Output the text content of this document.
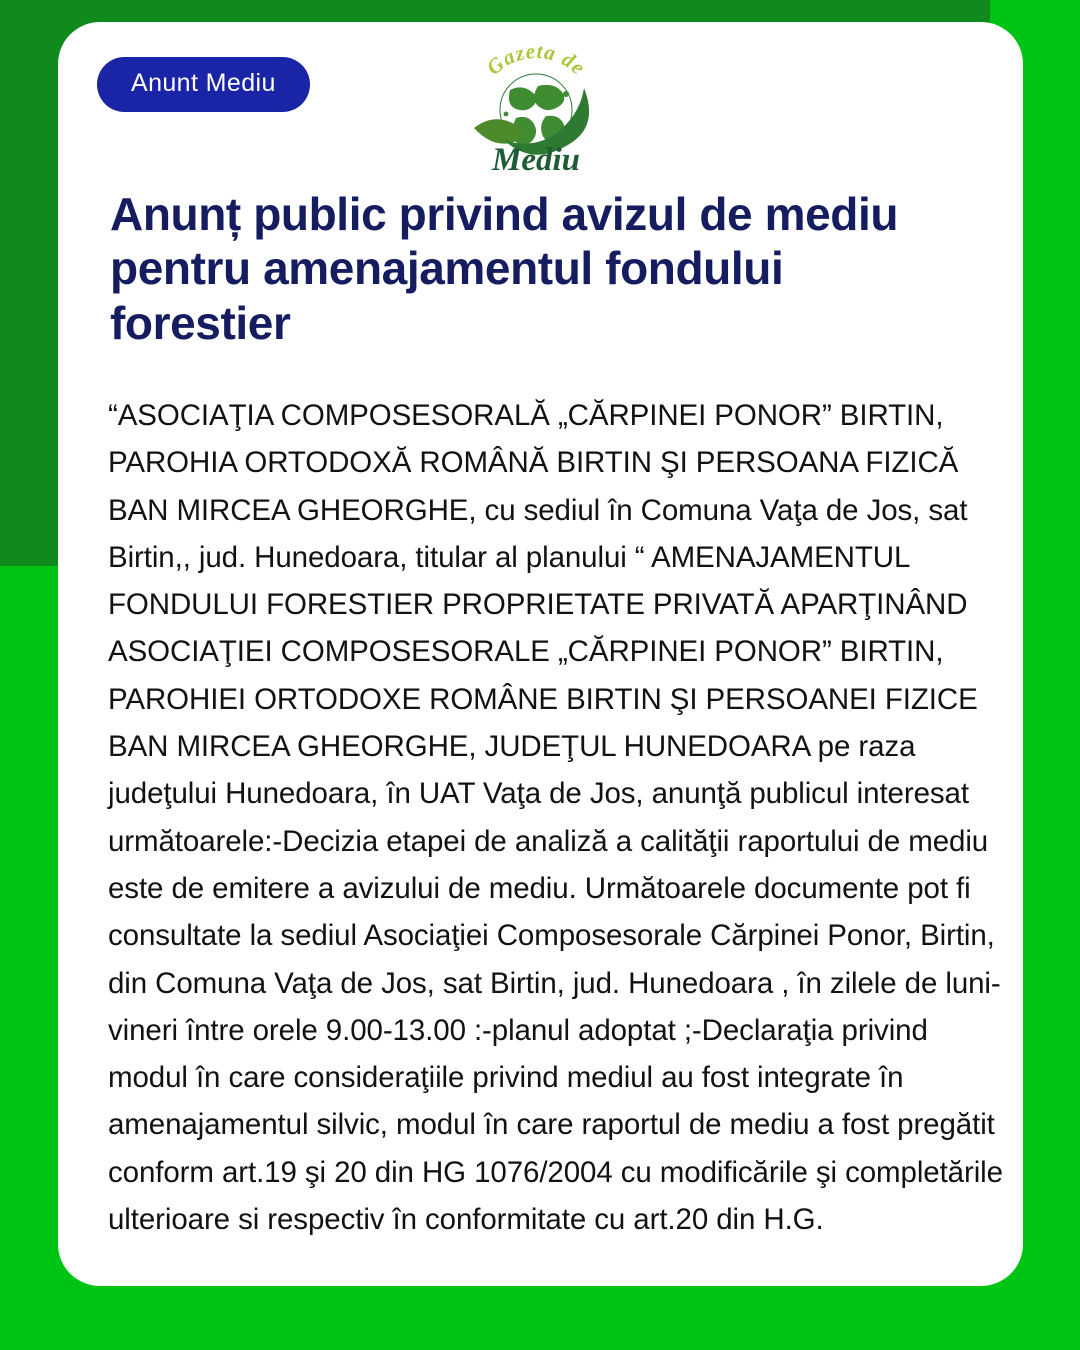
Anunt Mediu
Gazeta de
Mediu
Anunț public privind avizul de mediu pentru amenajamentul fondului forestier

“ASOCIAŢIA COMPOSESORALĂ „CĂRPINEI PONOR” BIRTIN, PAROHIA ORTODOXĂ ROMÂNĂ BIRTIN ŞI PERSOANA FIZICĂ BAN MIRCEA GHEORGHE, cu sediul în Comuna Vaţa de Jos, sat Birtin,, jud. Hunedoara, titular al planului “ AMENAJAMENTUL FONDULUI FORESTIER PROPRIETATE PRIVATĂ APARŢINÂND ASOCIAŢIEI COMPOSESORALE „CĂRPINEI PONOR” BIRTIN, PAROHIEI ORTODOXE ROMÂNE BIRTIN ŞI PERSOANEI FIZICE BAN MIRCEA GHEORGHE, JUDEŢUL HUNEDOARA pe raza judeţului Hunedoara, în UAT Vaţa de Jos, anunţă publicul interesat următoarele:-Decizia etapei de analiză a calităţii raportului de mediu este de emitere a avizului de mediu. Următoarele documente pot fi consultate la sediul Asociaţiei Composesorale Cărpinei Ponor, Birtin, din Comuna Vaţa de Jos, sat Birtin, jud. Hunedoara , în zilele de luni-vineri între orele 9.00-13.00 :-planul adoptat ;-Declaraţia privind modul în care consideraţiile privind mediul au fost integrate în amenajamentul silvic, modul în care raportul de mediu a fost pregătit conform art.19 şi 20 din HG 1076/2004 cu modificările şi completările ulterioare si respectiv în conformitate cu art.20 din H.G.
